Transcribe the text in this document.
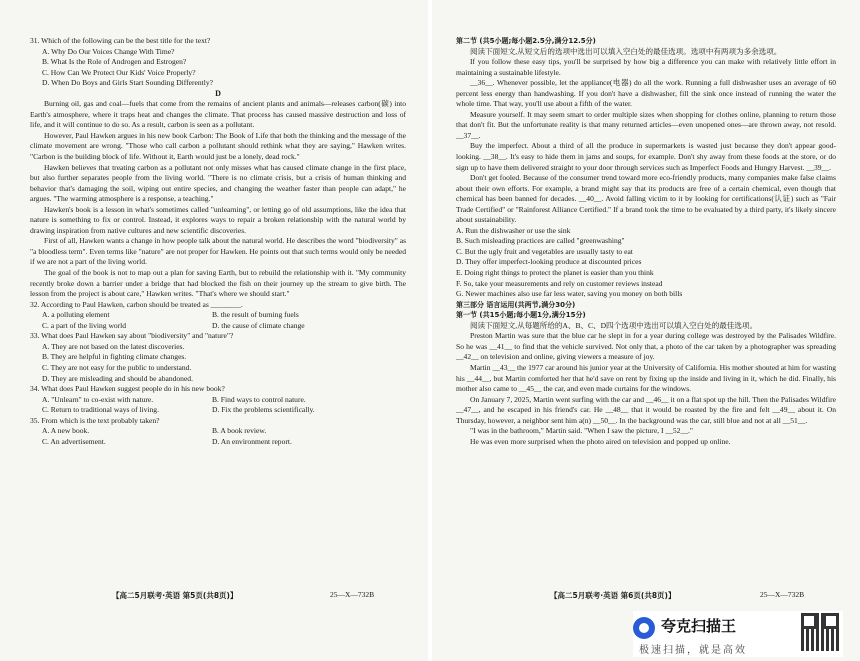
31. Which of the following can be the best title for the text?
A. Why Do Our Voices Change With Time?
B. What Is the Role of Androgen and Estrogen?
C. How Can We Protect Our Kids' Voice Properly?
D. When Do Boys and Girls Start Sounding Differently?
D

Burning oil, gas and coal—fuels that come from the remains of ancient plants and animals—releases carbon(碳) into Earth's atmosphere, where it traps heat and changes the climate. That process has caused massive destruction and loss of life, and it will continue to do so. As a result, carbon is seen as a pollutant.

However, Paul Hawken argues in his new book Carbon: The Book of Life that both the thinking and the message of the climate movement are wrong. "Those who call carbon a pollutant should rethink what they are saying," Hawken writes. "Carbon is the building block of life. Without it, Earth would just be a lonely, dead rock."

Hawken believes that treating carbon as a pollutant not only misses what has caused climate change in the first place, but also further separates people from the living world. "There is no climate crisis, but a crisis of human thinking and behavior that's damaging the soil, wiping out entire species, and changing the weather faster than people can adapt," he argues. "The warming atmosphere is a response, a teaching."

Hawken's book is a lesson in what's sometimes called "unlearning", or letting go of old assumptions, like the idea that nature is something to fix or control. Instead, it explores ways to repair a broken relationship with the natural world by drawing inspiration from native cultures and new scientific discoveries.

First of all, Hawken wants a change in how people talk about the natural world. He describes the word "biodiversity" as "a bloodless term". Even terms like "nature" are not proper for Hawken. He points out that such terms would only be needed if we are not a part of the living world.

The goal of the book is not to map out a plan for saving Earth, but to rebuild the relationship with it. "My community recently broke down a barrier under a bridge that had blocked the fish on their journey up the stream to give birth. The lesson from the project is about care," Hawken writes. "That's where we should start."

32. According to Paul Hawken, carbon should be treated as ________.
A. a polluting element	B. the result of burning fuels
C. a part of the living world	D. the cause of climate change
33. What does Paul Hawken say about "biodiversity" and "nature"?
A. They are not based on the latest discoveries.
B. They are helpful in fighting climate changes.
C. They are not easy for the public to understand.
D. They are misleading and should be abandoned.
34. What does Paul Hawken suggest people do in his new book?
A. "Unlearn" to co-exist with nature.	B. Find ways to control nature.
C. Return to traditional ways of living.	D. Fix the problems scientifically.
35. From which is the text probably taken?
A. A new book.	B. A book review.
C. An advertisement.	D. An environment report.
【高二5月联考·英语 第5页(共8页)】	25—X—732B
第二节 (共5小题;每小题2.5分,满分12.5分)

阅读下面短文,从短文后的选项中选出可以填入空白处的最佳选项。选项中有两项为多余选项。

If you follow these easy tips, you'll be surprised by how big a difference you can make with relatively little effort in maintaining a sustainable lifestyle.

__36__. Whenever possible, let the appliance(电器) do all the work. Running a full dishwasher uses an average of 60 percent less energy than handwashing. If you don't have a dishwasher, fill the sink once instead of running the water the whole time. That way, you'll use about a fifth of the water.

Measure yourself. It may seem smart to order multiple sizes when shopping for clothes online, planning to return those that don't fit. But the unfortunate reality is that many returned articles—even unopened ones—are thrown away, not resold. __37__.

Buy the imperfect. About a third of all the produce in supermarkets is wasted just because they don't appear good-looking. __38__. It's easy to hide them in jams and soups, for example. Don't shy away from these foods at the store, or do sign up to have them delivered straight to your door through services such as Imperfect Foods and Hungry Harvest. __39__.

Don't get fooled. Because of the consumer trend toward more eco-friendly products, many companies make false claims about their own efforts. For example, a brand might say that its products are free of a certain chemical, even though that chemical has been banned for decades. __40__. Avoid falling victim to it by looking for certifications(认证) such as "Fair Trade Certified" or "Rainforest Alliance Certified." If a brand took the time to be evaluated by a third party, it's likely sincere about sustainability.

A. Run the dishwasher or use the sink
B. Such misleading practices are called "greenwashing"
C. But the ugly fruit and vegetables are usually tasty to eat
D. They offer imperfect-looking produce at discounted prices
E. Doing right things to protect the planet is easier than you think
F. So, take your measurements and rely on customer reviews instead
G. Newer machines also use far less water, saving you money on both bills
第三部分 语言运用(共两节,满分30分)
第一节 (共15小题;每小题1分,满分15分)

阅读下面短文,从每题所给的A、B、C、D四个选项中选出可以填入空白处的最佳选项。

Preston Martin was sure that the blue car he slept in for a year during college was destroyed by the Palisades Wildfire. So he was __41__ to find that the vehicle survived. Not only that, a photo of the car taken by a photographer was spreading __42__ on television and online, giving viewers a measure of joy.

Martin __43__ the 1977 car around his junior year at the University of California. His mother shouted at him for wasting his __44__, but Martin comforted her that he'd save on rent by fixing up the inside and living in it, which he did. Finally, his mother also came to __45__ the car, and even made curtains for the windows.

On January 7, 2025, Martin went surfing with the car and __46__ it on a flat spot up the hill. Then the Palisades Wildfire __47__, and he escaped in his friend's car. He __48__ that it would be roasted by the fire and felt __49__ about it. On Thursday, however, a neighbor sent him a(n) __50__. In the background was the car, still blue and not at all __51__.

"I was in the bathroom," Martin said. "When I saw the picture, I __52__."

He was even more surprised when the photo aired on television and popped up online.

【高二5月联考·英语 第6页(共8页)】	25—X—732B
夸克扫描王
极速扫描，就是高效
